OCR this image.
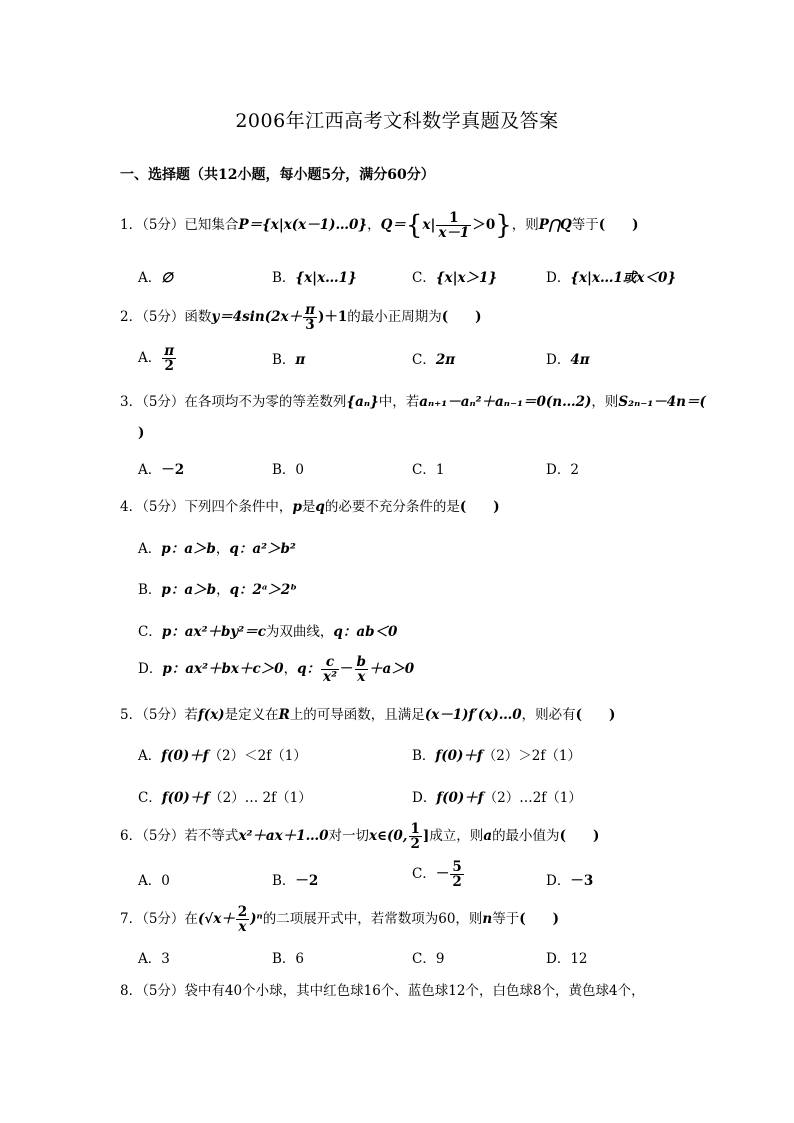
2006年江西高考文科数学真题及答案
一、选择题（共12小题，每小题5分，满分60分）
1．（5分）已知集合P＝{x|x(x－1)…0}，$Q=\{x| \frac{1}{x-1} >0\}$，则P⋂Q等于(　　)
A．∅	B．{x|x…1}	C．{x|x＞1}	D．{x|x…1或x＜0}
2．（5分）函数$y=4\sin(2x+ \frac{\pi}{3} )+1$的最小正周期为(　　)
A． $\frac{\pi}{2}$	B．π	C．2π	D．4π
3．（5分）在各项均不为零的等差数列{aₙ}中，若aₙ₊₁－aₙ²＋aₙ₋₁＝0(n…2)，则S₂ₙ₋₁－4n＝(
)
A．－2	B．0	C．1	D．2
4．（5分）下列四个条件中，p是q的必要不充分条件的是(　　)
A．p：a＞b，q：a²＞b²
B．p：a＞b，q：2ᵃ＞2ᵇ
C．p：ax²＋by²＝c为双曲线，q：ab＜0
D．p：ax²＋bx＋c＞0，q： $\frac{c}{\text{x²}} - \frac{b}{x} +a>0$
5．（5分）若f(x)是定义在R上的可导函数，且满足(x－1)f′(x)…0，则必有(　　)
A．f(0)＋f（2）＜2f（1）	B．f(0)＋f（2）＞2f（1）
C．f(0)＋f（2）… 2f（1）	D．f(0)＋f（2）…2f（1）
6．（5分）若不等式x²＋ax＋1…0对一切x∈(0, $\frac{1}{2}$ ]成立，则a的最小值为(　　)
A．0	B．－2	C．－ $\frac{5}{2}$	D．－3
7．（5分）在$(√x+ \frac{2}{x} )^n$的二项展开式中，若常数项为60，则n等于(　　)
A．3	B．6	C．9	D．12
8．（5分）袋中有40个小球，其中红色球16个、蓝色球12个，白色球8个，黄色球4个，
